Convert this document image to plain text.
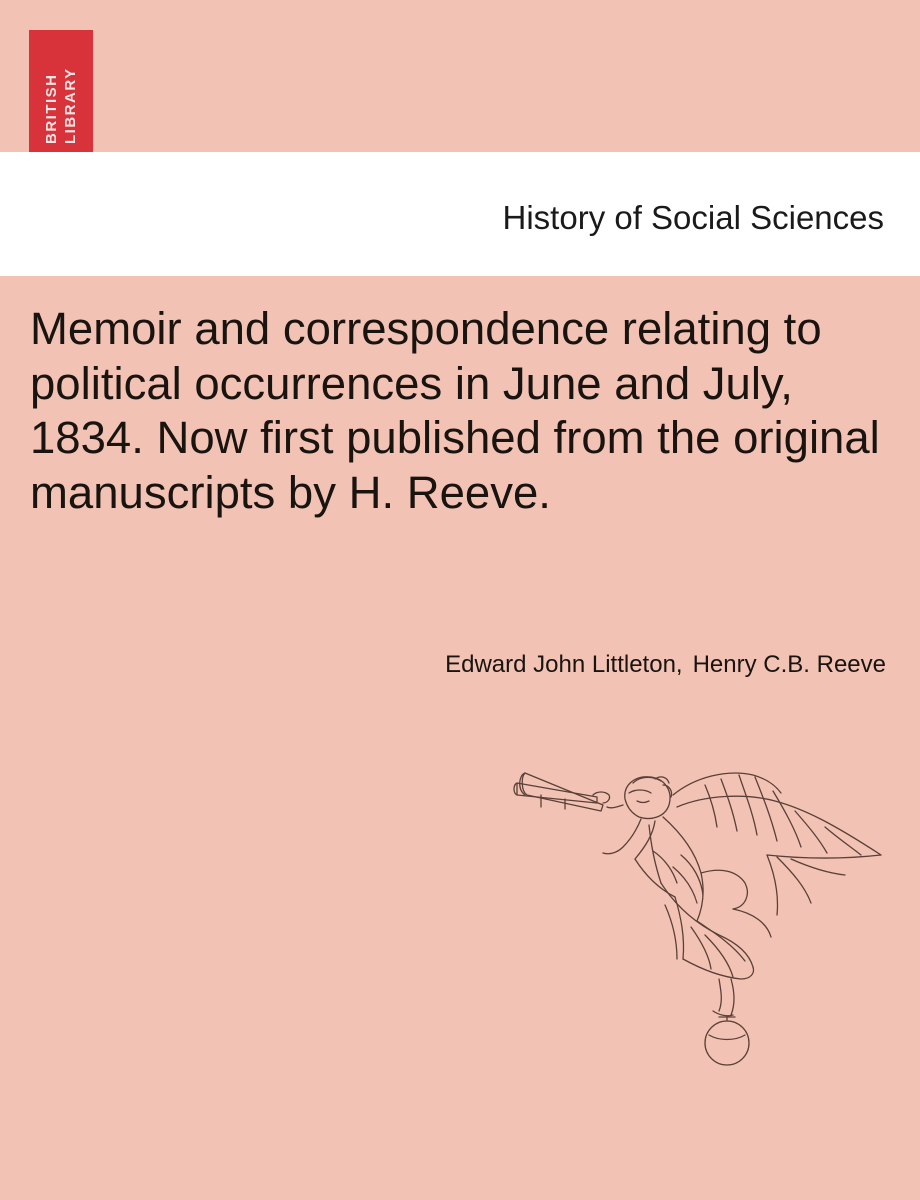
BRITISH LIBRARY
History of Social Sciences
Memoir and correspondence relating to political occurrences in June and July, 1834. Now first published from the original manuscripts by H. Reeve.
Edward John Littleton, Henry C.B. Reeve
